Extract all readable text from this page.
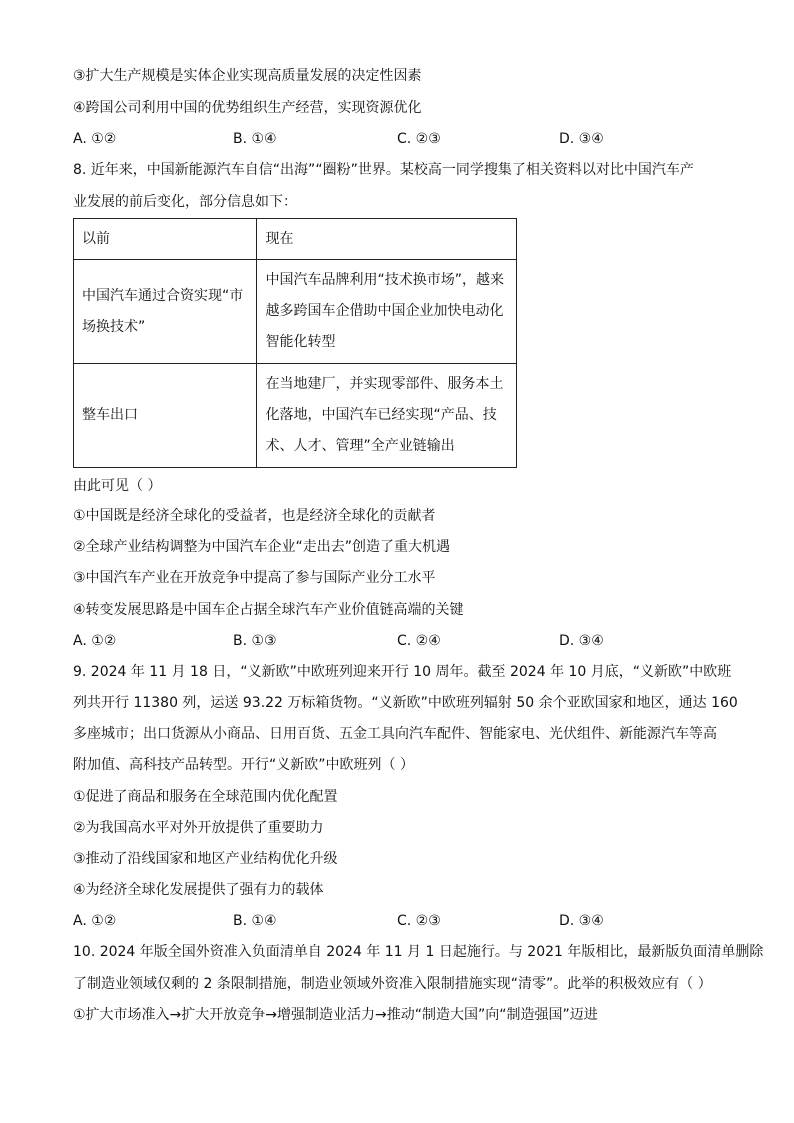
③扩大生产规模是实体企业实现高质量发展的决定性因素
④跨国公司利用中国的优势组织生产经营，实现资源优化
A. ①②	B. ①④	C. ②③	D. ③④
8. 近年来，中国新能源汽车自信“出海”“圈粉”世界。某校高一同学搜集了相关资料以对比中国汽车产
业发展的前后变化，部分信息如下：
以前	现在

中国汽车通过合资实现“市
场换技术”	中国汽车品牌利用“技术换市场”，越来
越多跨国车企借助中国企业加快电动化
智能化转型

整车出口	在当地建厂，并实现零部件、服务本土
化落地，中国汽车已经实现“产品、技
术、人才、管理”全产业链输出
由此可见（ ）
①中国既是经济全球化的受益者，也是经济全球化的贡献者
②全球产业结构调整为中国汽车企业“走出去”创造了重大机遇
③中国汽车产业在开放竞争中提高了参与国际产业分工水平
④转变发展思路是中国车企占据全球汽车产业价值链高端的关键
A. ①②	B. ①③	C. ②④	D. ③④
9. 2024 年 11 月 18 日，“义新欧”中欧班列迎来开行 10 周年。截至 2024 年 10 月底，“义新欧”中欧班
列共开行 11380 列，运送 93.22 万标箱货物。“义新欧”中欧班列辐射 50 余个亚欧国家和地区，通达 160
多座城市；出口货源从小商品、日用百货、五金工具向汽车配件、智能家电、光伏组件、新能源汽车等高
附加值、高科技产品转型。开行“义新欧”中欧班列（ ）
①促进了商品和服务在全球范围内优化配置
②为我国高水平对外开放提供了重要助力
③推动了沿线国家和地区产业结构优化升级
④为经济全球化发展提供了强有力的载体
A. ①②	B. ①④	C. ②③	D. ③④
10. 2024 年版全国外资准入负面清单自 2024 年 11 月 1 日起施行。与 2021 年版相比，最新版负面清单删除
了制造业领域仅剩的 2 条限制措施，制造业领域外资准入限制措施实现“清零”。此举的积极效应有（ ）
①扩大市场准入→扩大开放竞争→增强制造业活力→推动“制造大国”向“制造强国”迈进
